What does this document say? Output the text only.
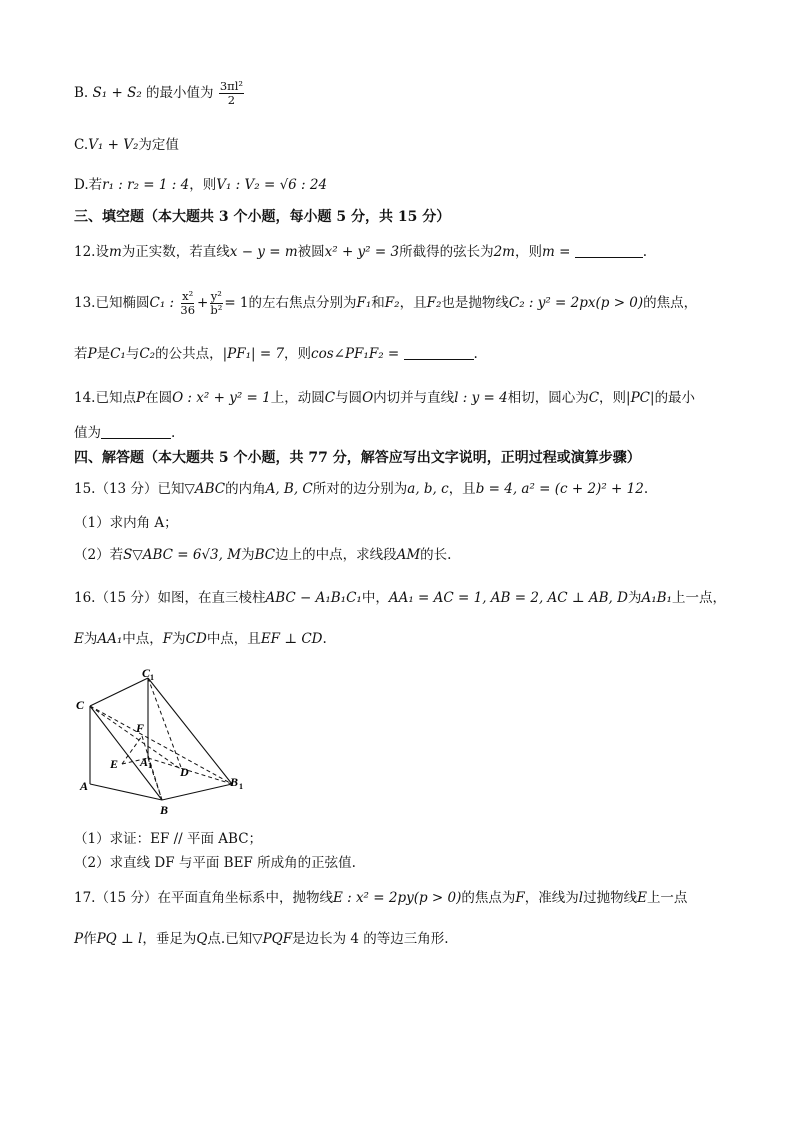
B. S₁ + S₂ 的最小值为 $\frac{\text{3πl²}}{2}$
C.V₁ + V₂为定值
D.若r₁ : r₂ = 1 : 4，则V₁ : V₂ = √6 : 24
三、填空题（本大题共 3 个小题，每小题 5 分，共 15 分）
12.设m为正实数，若直线x − y = m被圆x² + y² = 3所截得的弦长为2m，则m =	.
13.已知椭圆C₁ : $\frac{\text{x²}}{36} + \frac{\text{y²}}{\text{b²}} = 1$的左右焦点分别为F₁和F₂，且F₂也是抛物线C₂ : y² = 2px(p > 0)的焦点，
若P是C₁与C₂的公共点，|PF₁| = 7，则cos∠PF₁F₂ =	.
14.已知点P在圆O : x² + y² = 1上，动圆C与圆O内切并与直线l : y = 4相切，圆心为C，则|PC|的最小
值为	.
四、解答题（本大题共 5 个小题，共 77 分，解答应写出文字说明，正明过程或演算步骤）
15.（13 分）已知▽ABC的内角A, B, C所对的边分别为a, b, c，且b = 4, a² = (c + 2)² + 12.
（1）求内角 A；
（2）若S▽ABC = 6√3, M为BC边上的中点，求线段AM的长.
16.（15 分）如图，在直三棱柱ABC − A₁B₁C₁中，AA₁ = AC = 1, AB = 2, AC ⊥ AB, D为A₁B₁上一点，
E为AA₁中点，F为CD中点，且EF ⊥ CD.
C
C 1
F
E A 1 D
A
B
B 1
（1）求证：EF // 平面 ABC；
（2）求直线 DF 与平面 BEF 所成角的正弦值.
17.（15 分）在平面直角坐标系中，抛物线E : x² = 2py(p > 0)的焦点为F，准线为l过抛物线E上一点
P作PQ ⊥ l，垂足为Q点.已知▽PQF是边长为 4 的等边三角形.
